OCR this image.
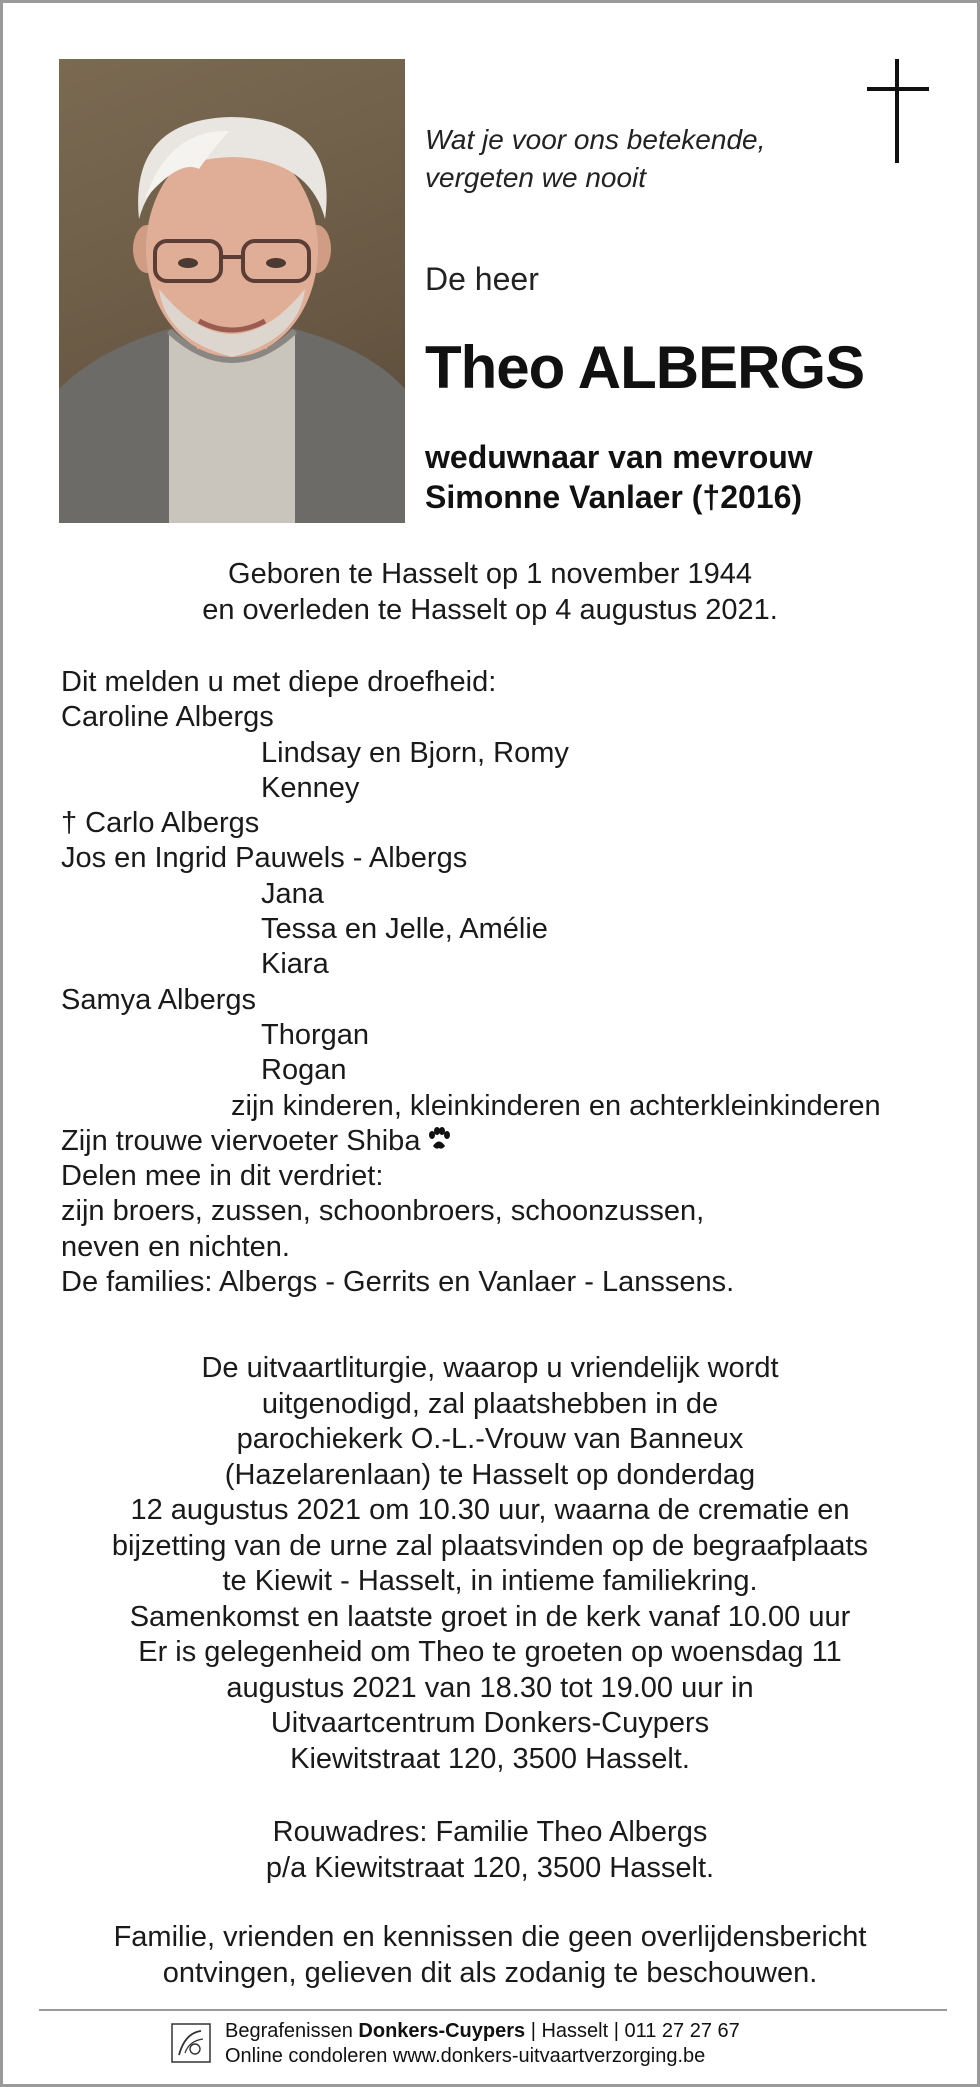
Wat je voor ons betekende,
vergeten we nooit
De heer
Theo ALBERGS
weduwnaar van mevrouw
Simonne Vanlaer (†2016)
Geboren te Hasselt op 1 november 1944
en overleden te Hasselt op 4 augustus 2021.
Dit melden u met diepe droefheid:
Caroline Albergs
Lindsay en Bjorn, Romy
Kenney
† Carlo Albergs
Jos en Ingrid Pauwels - Albergs
Jana
Tessa en Jelle, Amélie
Kiara
Samya Albergs
Thorgan
Rogan
zijn kinderen, kleinkinderen en achterkleinkinderen
Zijn trouwe viervoeter Shiba
Delen mee in dit verdriet:
zijn broers, zussen, schoonbroers, schoonzussen,
neven en nichten.
De families: Albergs - Gerrits en Vanlaer - Lanssens.
De uitvaartliturgie, waarop u vriendelijk wordt
uitgenodigd, zal plaatshebben in de
parochiekerk O.-L.-Vrouw van Banneux
(Hazelarenlaan) te Hasselt op donderdag
12 augustus 2021 om 10.30 uur, waarna de crematie en
bijzetting van de urne zal plaatsvinden op de begraafplaats
te Kiewit - Hasselt, in intieme familiekring.
Samenkomst en laatste groet in de kerk vanaf 10.00 uur
Er is gelegenheid om Theo te groeten op woensdag 11
augustus 2021 van 18.30 tot 19.00 uur in
Uitvaartcentrum Donkers-Cuypers
Kiewitstraat 120, 3500 Hasselt.
Rouwadres: Familie Theo Albergs
p/a Kiewitstraat 120, 3500 Hasselt.
Familie, vrienden en kennissen die geen overlijdensbericht
ontvingen, gelieven dit als zodanig te beschouwen.
Begrafenissen Donkers-Cuypers | Hasselt | 011 27 27 67
Online condoleren www.donkers-uitvaartverzorging.be
